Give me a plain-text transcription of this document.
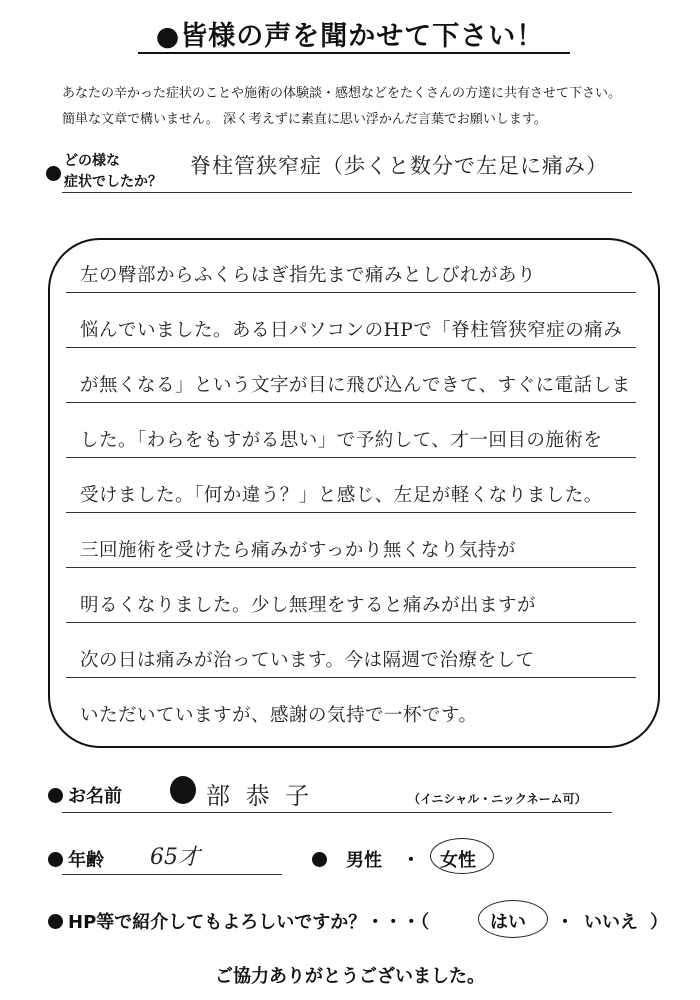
●皆様の声を聞かせて下さい！
あなたの辛かった症状のことや施術の体験談・感想などをたくさんの方達に共有させて下さい。
簡単な文章で構いません。 深く考えずに素直に思い浮かんだ言葉でお願いします。
どの様な
症状でしたか？
脊柱管狭窄症（歩くと数分で左足に痛み）
左の臀部からふくらはぎ指先まで痛みとしびれがあり
悩んでいました。ある日パソコンのHPで「脊柱管狭窄症の痛み
が無くなる」という文字が目に飛び込んできて、すぐに電話しま
した。「わらをもすがる思い」で予約して、才一回目の施術を
受けました。「何か違う？」と感じ、左足が軽くなりました。
三回施術を受けたら痛みがすっかり無くなり気持が
明るくなりました。少し無理をすると痛みが出ますが
次の日は痛みが治っています。今は隔週で治療をして
いただいていますが、感謝の気持で一杯です。
お名前	部 恭 子	（イニシャル・ニックネーム可）
年齢 65才	男性 ・ 女性
HP等で紹介してもよろしいですか？・・・（	はい ・ いいえ ）
ご協力ありがとうございました。
